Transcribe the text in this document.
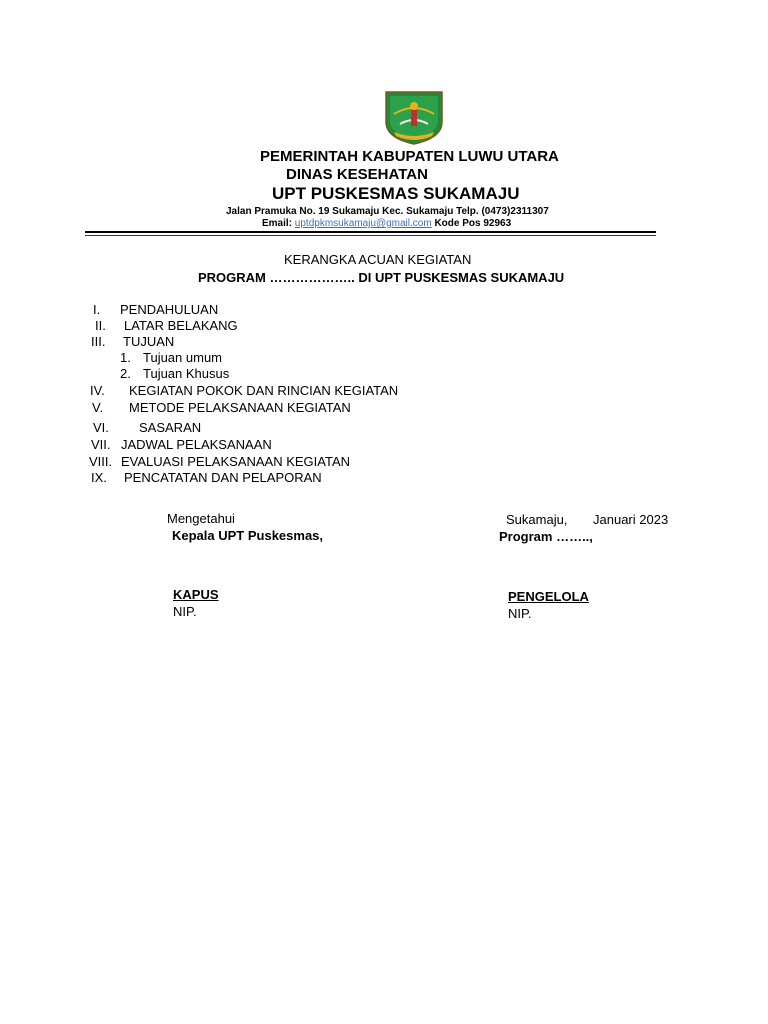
PEMERINTAH KABUPATEN LUWU UTARA
DINAS KESEHATAN
UPT PUSKESMAS SUKAMAJU
Jalan Pramuka No. 19 Sukamaju Kec. Sukamaju Telp. (0473)2311307
Email: uptdpkmsukamaju@gmail.com Kode Pos 92963
KERANGKA ACUAN KEGIATAN
PROGRAM ……………….. DI UPT PUSKESMAS SUKAMAJU
I. PENDAHULUAN
II. LATAR BELAKANG
III. TUJUAN
1. Tujuan umum
2. Tujuan Khusus
IV. KEGIATAN POKOK DAN RINCIAN KEGIATAN
V. METODE PELAKSANAAN KEGIATAN
VI. SASARAN
VII. JADWAL PELAKSANAAN
VIII. EVALUASI PELAKSANAAN KEGIATAN
IX. PENCATATAN DAN PELAPORAN
Mengetahui
Kepala UPT Puskesmas,
KAPUS
NIP.
Sukamaju, Januari 2023
Program ……..,
PENGELOLA
NIP.
